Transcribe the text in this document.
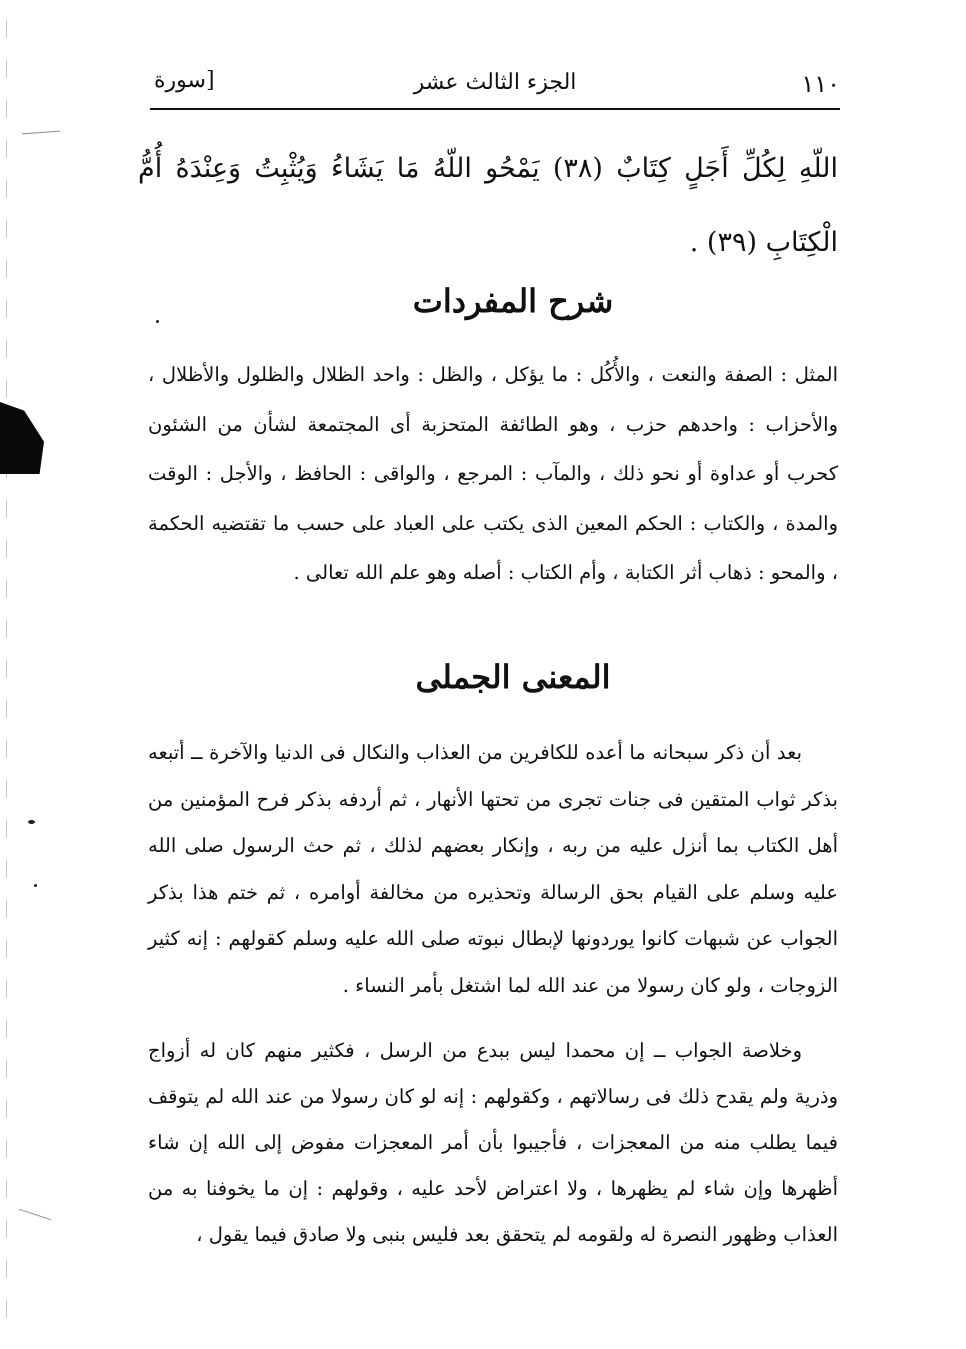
١١٠
الجزء الثالث عشر
[سورة
اللّهِ لِكُلِّ أَجَلٍ كِتَابٌ (٣٨) يَمْحُو اللّهُ مَا يَشَاءُ وَيُثْبِتُ وَعِنْدَهُ أُمُّ الْكِتَابِ (٣٩) .
شرح المفردات
المثل : الصفة والنعت ، والأُكُل : ما يؤكل ، والظل : واحد الظلال والظلول والأظلال ، والأحزاب : واحدهم حزب ، وهو الطائفة المتحزبة أى المجتمعة لشأن من الشئون كحرب أو عداوة أو نحو ذلك ، والمآب : المرجع ، والواقى : الحافظ ، والأجل : الوقت والمدة ، والكتاب : الحكم المعين الذى يكتب على العباد على حسب ما تقتضيه الحكمة ، والمحو : ذهاب أثر الكتابة ، وأم الكتاب : أصله وهو علم الله تعالى .
المعنى الجملى
بعد أن ذكر سبحانه ما أعده للكافرين من العذاب والنكال فى الدنيا والآخرة ــ أتبعه بذكر ثواب المتقين فى جنات تجرى من تحتها الأنهار ، ثم أردفه بذكر فرح المؤمنين من أهل الكتاب بما أنزل عليه من ربه ، وإنكار بعضهم لذلك ، ثم حث الرسول صلى الله عليه وسلم على القيام بحق الرسالة وتحذيره من مخالفة أوامره ، ثم ختم هذا بذكر الجواب عن شبهات كانوا يوردونها لإبطال نبوته صلى الله عليه وسلم كقولهم : إنه كثير الزوجات ، ولو كان رسولا من عند الله لما اشتغل بأمر النساء .
وخلاصة الجواب ــ إن محمدا ليس ببدع من الرسل ، فكثير منهم كان له أزواج وذرية ولم يقدح ذلك فى رسالاتهم ، وكقولهم : إنه لو كان رسولا من عند الله لم يتوقف فيما يطلب منه من المعجزات ، فأجيبوا بأن أمر المعجزات مفوض إلى الله إن شاء أظهرها وإن شاء لم يظهرها ، ولا اعتراض لأحد عليه ، وقولهم : إن ما يخوفنا به من العذاب وظهور النصرة له ولقومه لم يتحقق بعد فليس بنبى ولا صادق فيما يقول ،
